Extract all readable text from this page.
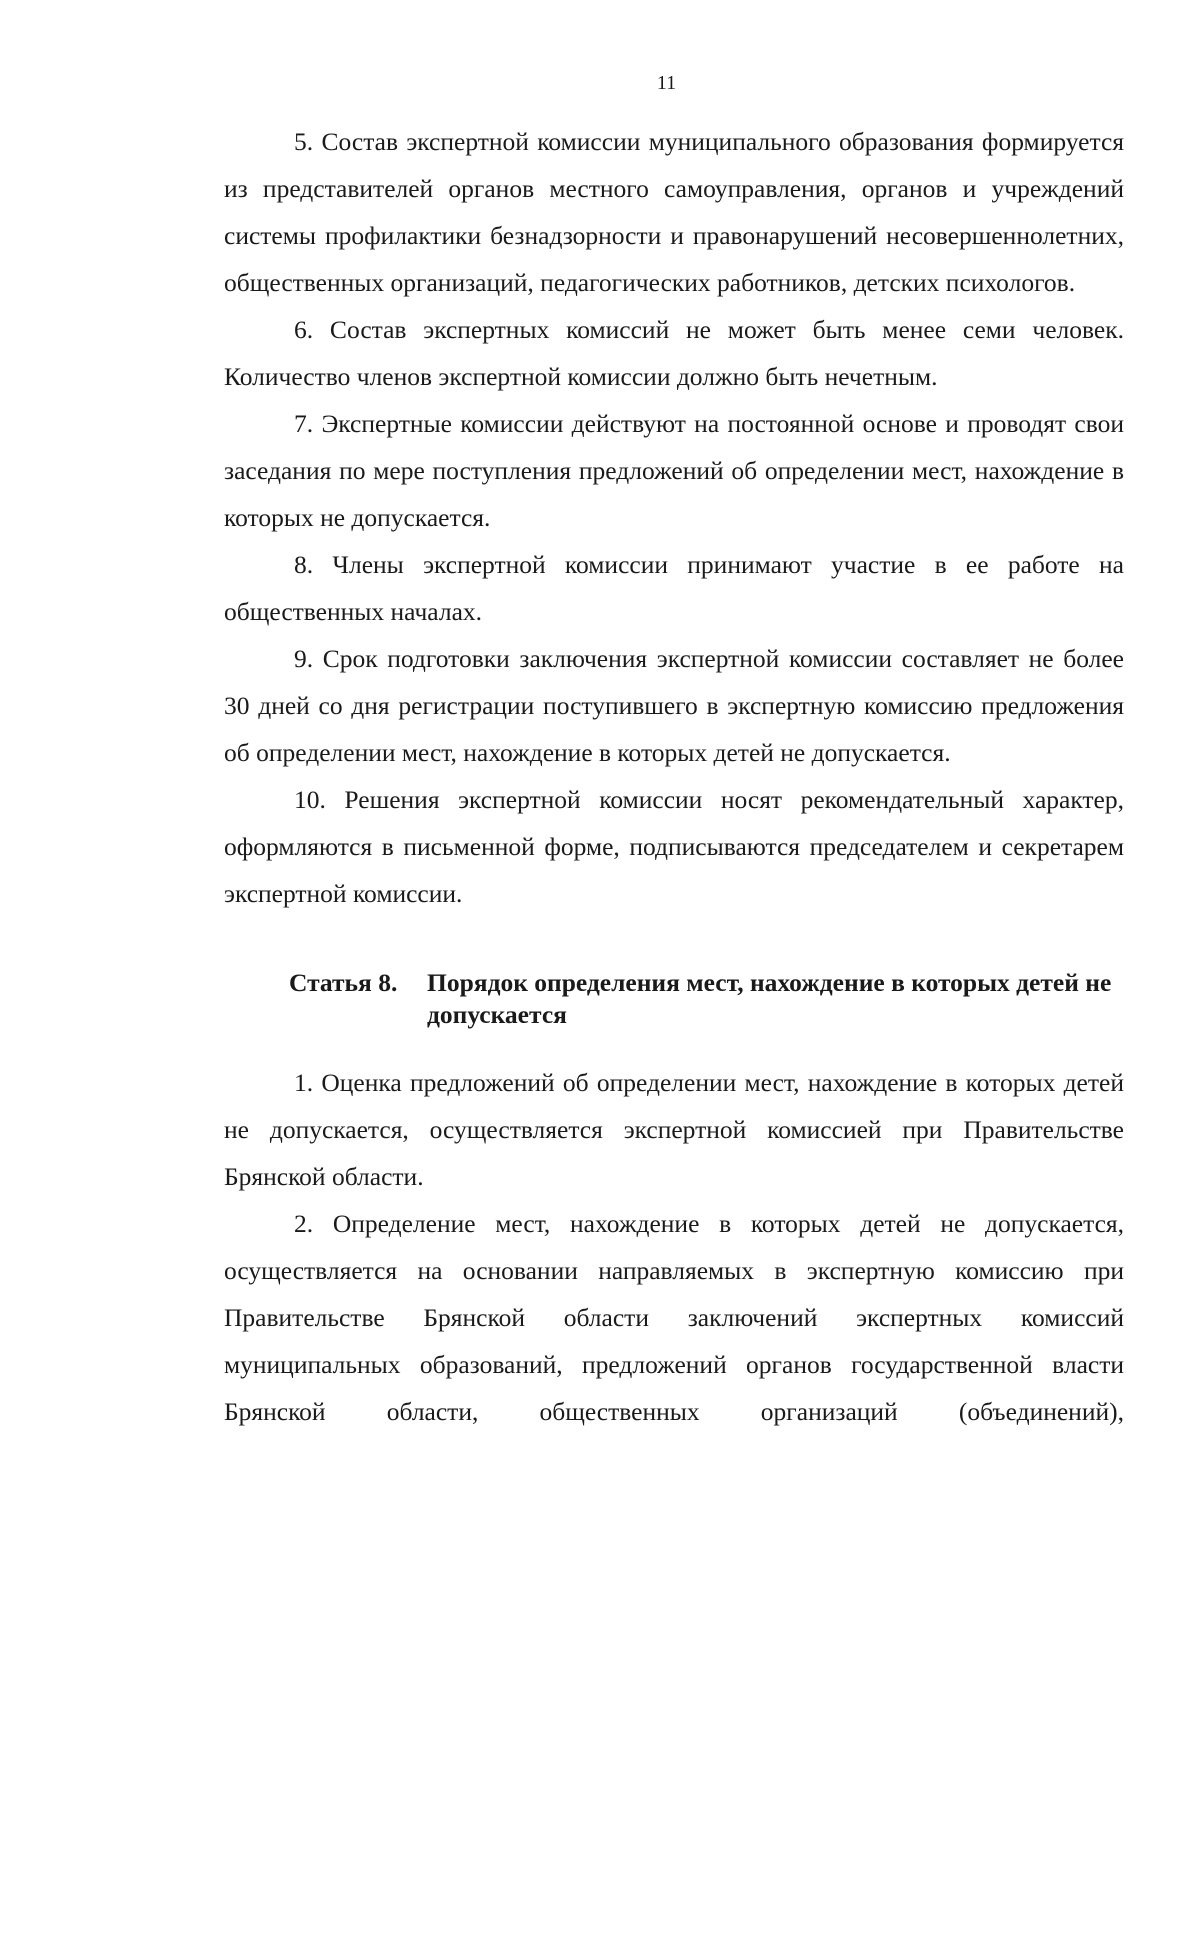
11

5. Состав экспертной комиссии муниципального образования формируется из представителей органов местного самоуправления, органов и учреждений системы профилактики безнадзорности и правонарушений несовершеннолетних, общественных организаций, педагогических работников, детских психологов.

6. Состав экспертных комиссий не может быть менее семи человек. Количество членов экспертной комиссии должно быть нечетным.

7. Экспертные комиссии действуют на постоянной основе и проводят свои заседания по мере поступления предложений об определении мест, нахождение в которых не допускается.

8. Члены экспертной комиссии принимают участие в ее работе на общественных началах.

9. Срок подготовки заключения экспертной комиссии составляет не более 30 дней со дня регистрации поступившего в экспертную комиссию предложения об определении мест, нахождение в которых детей не допускается.

10. Решения экспертной комиссии носят рекомендательный характер, оформляются в письменной форме, подписываются председателем и секретарем экспертной комиссии.

Статья 8.	Порядок определения мест, нахождение в которых детей не допускается

1. Оценка предложений об определении мест, нахождение в которых детей не допускается, осуществляется экспертной комиссией при Правительстве Брянской области.

2. Определение мест, нахождение в которых детей не допускается, осуществляется на основании направляемых в экспертную комиссию при Правительстве Брянской области заключений экспертных комиссий муниципальных образований, предложений органов государственной власти Брянской области, общественных организаций (объединений),
